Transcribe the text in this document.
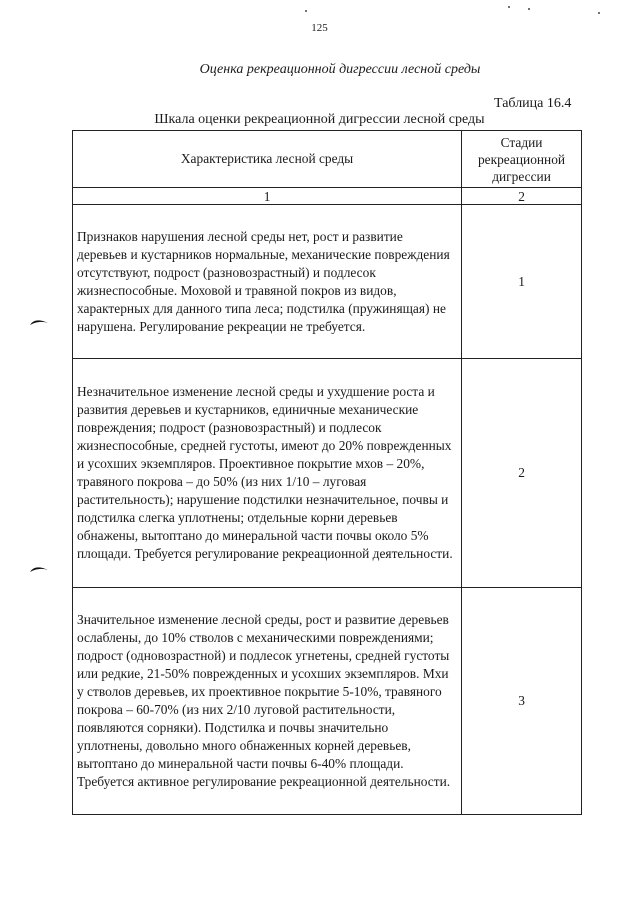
125
Оценка рекреационной дигрессии лесной среды
Таблица 16.4
Шкала оценки рекреационной дигрессии лесной среды
Характеристика лесной среды	Стадии рекреационной дигрессии
1	2
Признаков нарушения лесной среды нет, рост и развитие деревьев и кустарников нормальные, механические повреждения отсутствуют, подрост (разновозрастный) и подлесок жизнеспособные. Моховой и травяной покров из видов, характерных для данного типа леса; подстилка (пружинящая) не нарушена. Регулирование рекреации не требуется.	1
Незначительное изменение лесной среды и ухудшение роста и развития деревьев и кустарников, единичные механические повреждения; подрост (разновозрастный) и подлесок жизнеспособные, средней густоты, имеют до 20% поврежденных и усохших экземпляров. Проективное покрытие мхов – 20%, травяного покрова – до 50% (из них 1/10 – луговая растительность); нарушение подстилки незначительное, почвы и подстилка слегка уплотнены; отдельные корни деревьев обнажены, вытоптано до минеральной части почвы около 5% площади. Требуется регулирование рекреационной деятельности.	2
Значительное изменение лесной среды, рост и развитие деревьев ослаблены, до 10% стволов с механическими повреждениями; подрост (одновозрастной) и подлесок угнетены, средней густоты или редкие, 21-50% поврежденных и усохших экземпляров. Мхи у стволов деревьев, их проективное покрытие 5-10%, травяного покрова – 60-70% (из них 2/10 луговой растительности, появляются сорняки). Подстилка и почвы значительно уплотнены, довольно много обнаженных корней деревьев, вытоптано до минеральной части почвы 6-40% площади. Требуется активное регулирование рекреационной деятельности.	3
